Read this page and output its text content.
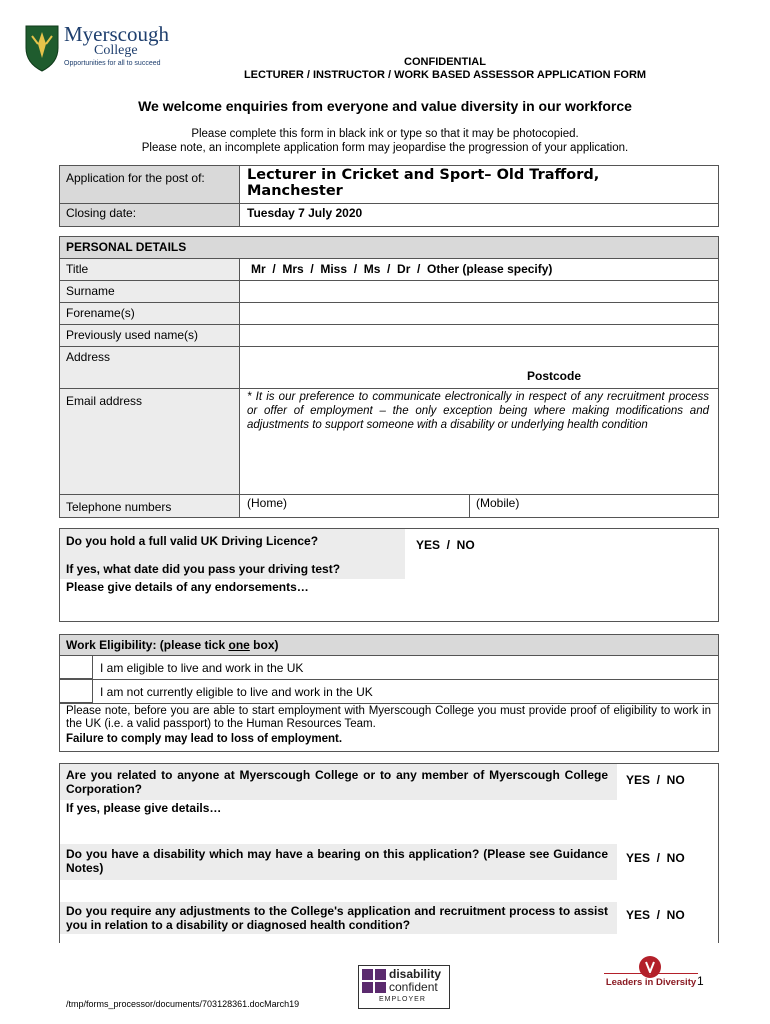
Myerscough
College
Opportunities for all to succeed	CONFIDENTIAL
LECTURER / INSTRUCTOR / WORK BASED ASSESSOR APPLICATION FORM
We welcome enquiries from everyone and value diversity in our workforce
Please complete this form in black ink or type so that it may be photocopied.
Please note, an incomplete application form may jeopardise the progression of your application.
Application for the post of:	Lecturer in Cricket and Sport– Old Trafford, Manchester
Closing date:	Tuesday 7 July 2020
PERSONAL DETAILS
Title	Mr  /  Mrs  /  Miss  /  Ms  /  Dr  /  Other (please specify)
Surname
Forename(s)
Previously used name(s)
Address
Postcode
Email address	* It is our preference to communicate electronically in respect of any recruitment process or offer of employment – the only exception being where making modifications and adjustments to support someone with a disability or underlying health condition
Telephone numbers	(Home)	(Mobile)
Do you hold a full valid UK Driving Licence?	YES  /  NO
If yes, what date did you pass your driving test?
Please give details of any endorsements…
Work Eligibility: (please tick one box)
I am eligible to live and work in the UK
I am not currently eligible to live and work in the UK
Please note, before you are able to start employment with Myerscough College you must provide proof of eligibility to work in the UK (i.e. a valid passport) to the Human Resources Team.
Failure to comply may lead to loss of employment.
Are you related to anyone at Myerscough College or to any member of Myerscough College Corporation?
YES  /  NO
If yes, please give details…
Do you have a disability which may have a bearing on this application? (Please see Guidance Notes)
YES  /  NO
Do you require any adjustments to the College's application and recruitment process to assist you in relation to a disability or diagnosed health condition?
YES  /  NO
disability
confident
EMPLOYER
Leaders in Diversity 1
/tmp/forms_processor/documents/703128361.docMarch19
